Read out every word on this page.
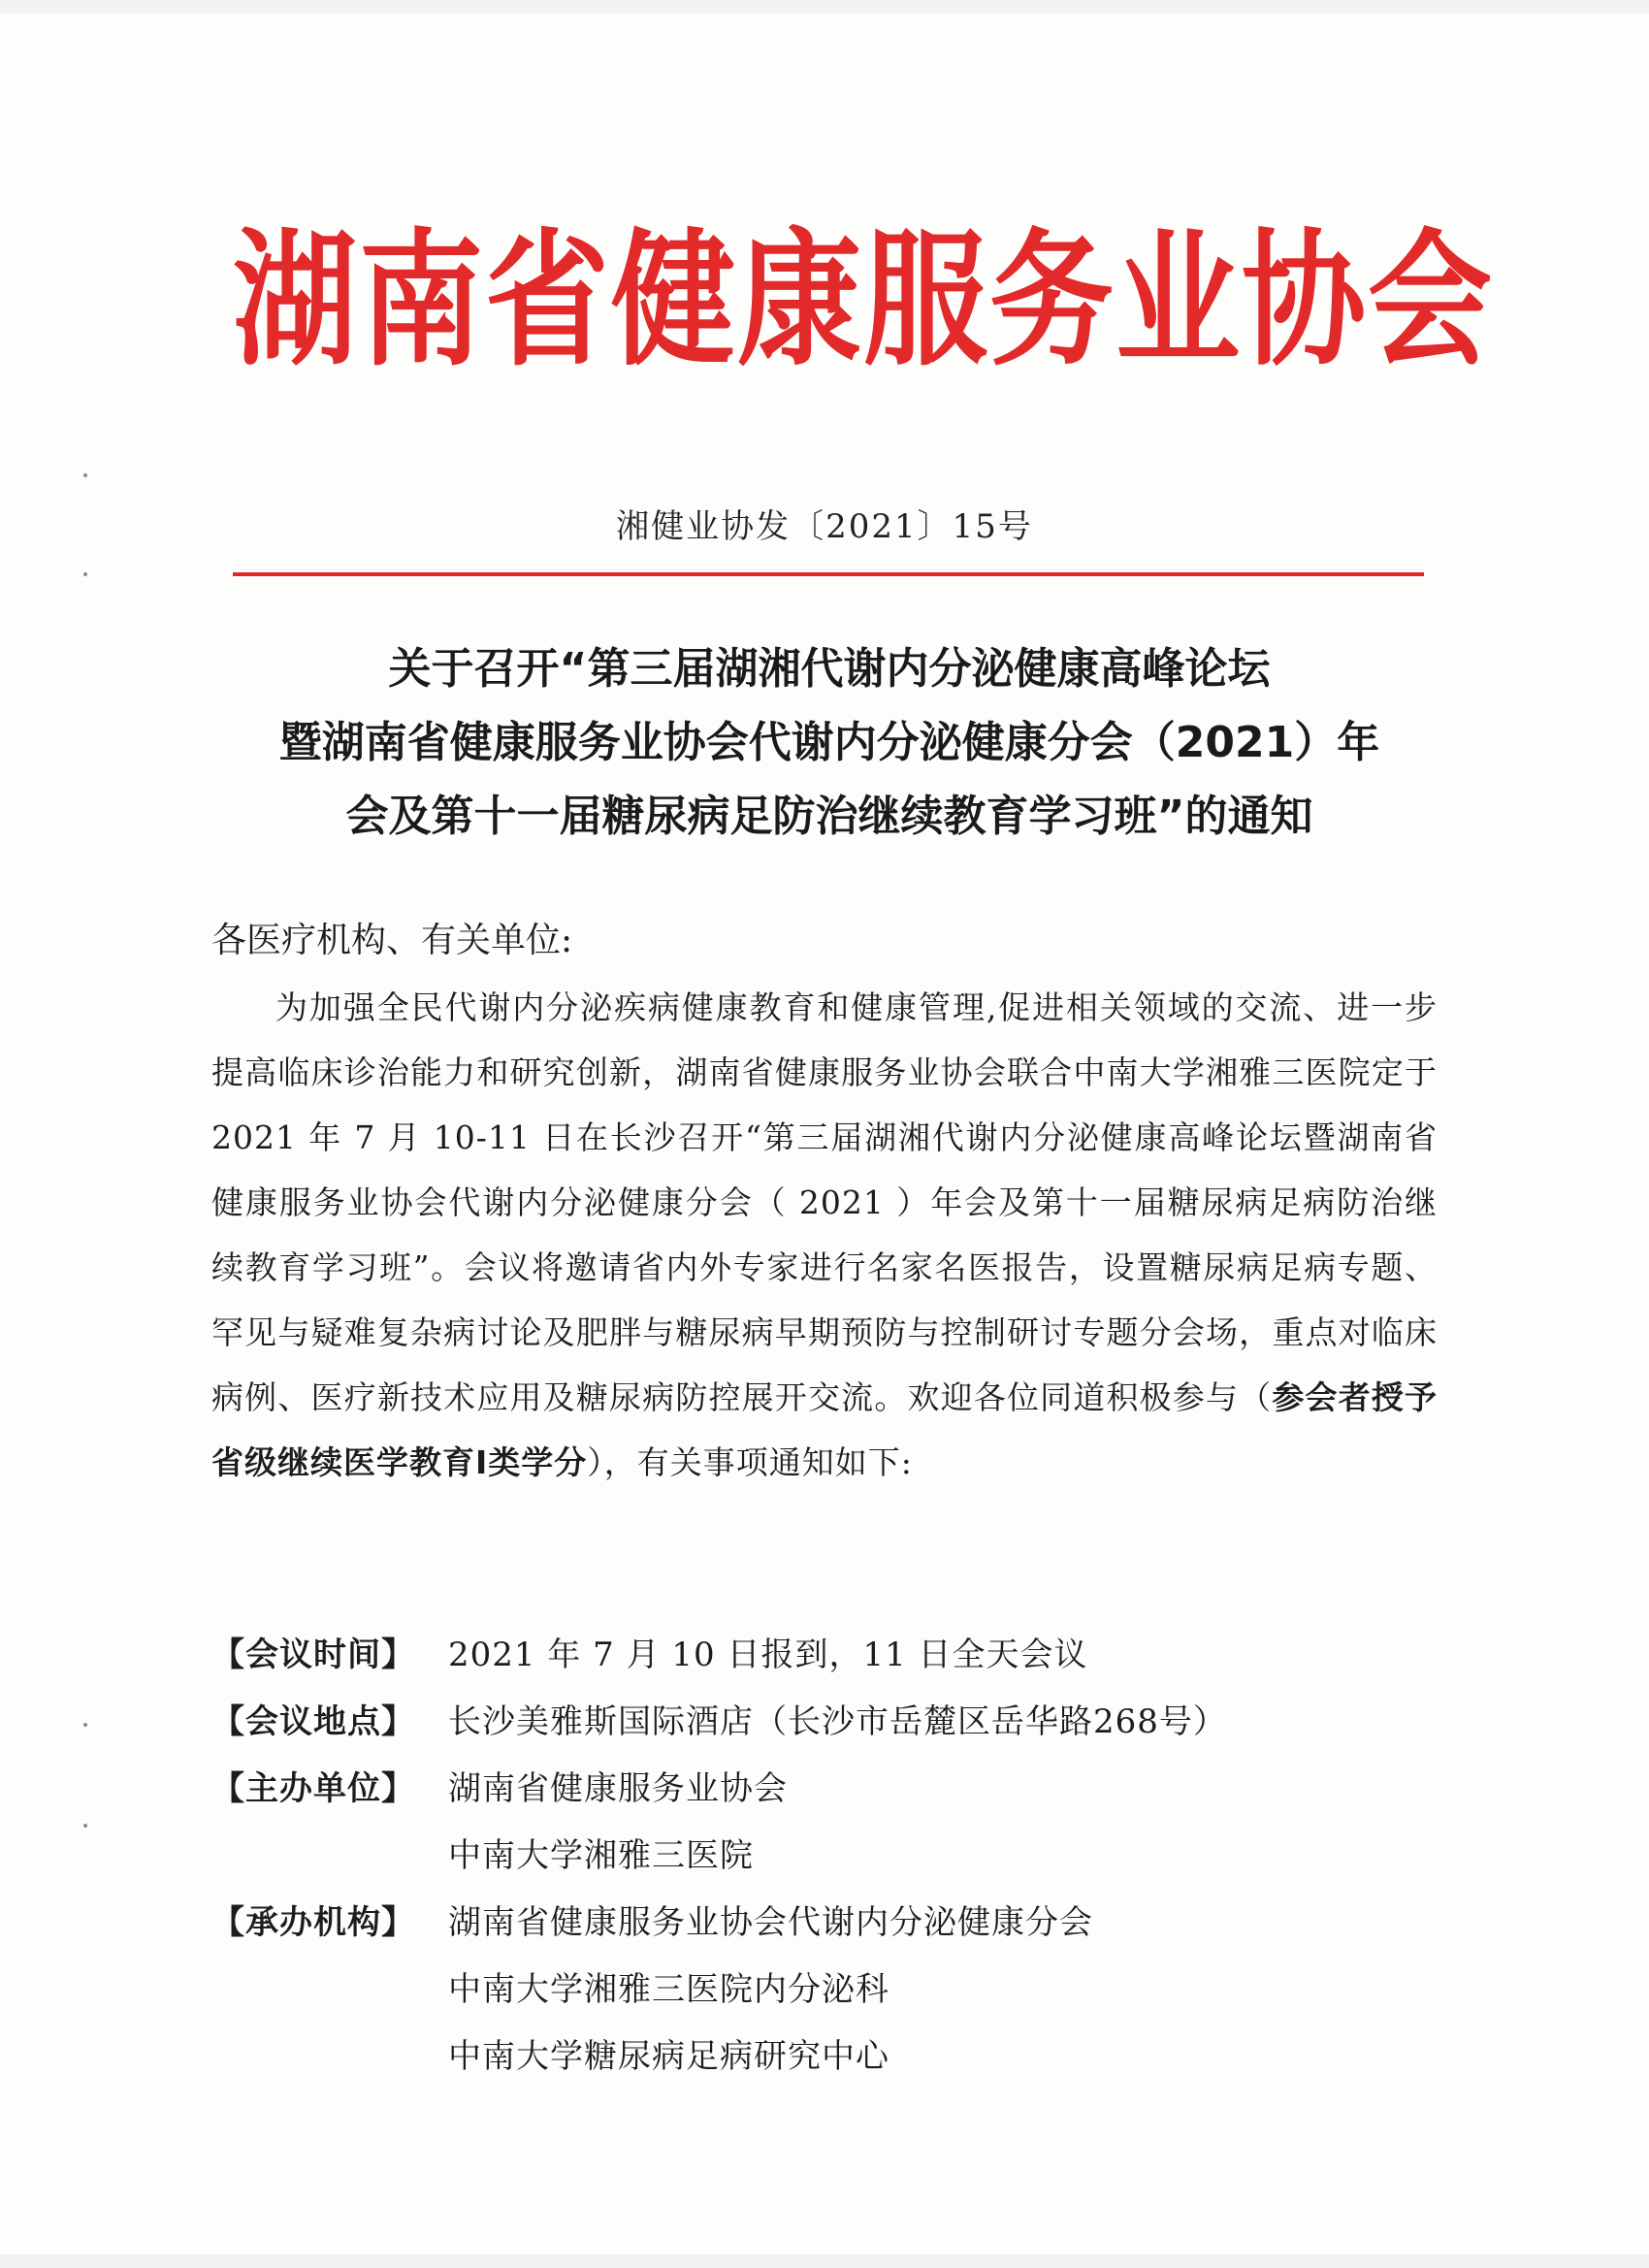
湖南省健康服务业协会
湘健业协发〔2021〕15号
关于召开“第三届湖湘代谢内分泌健康高峰论坛
暨湖南省健康服务业协会代谢内分泌健康分会（2021）年
会及第十一届糖尿病足防治继续教育学习班”的通知
各医疗机构、有关单位:
为加强全民代谢内分泌疾病健康教育和健康管理,促进相关领域的交流、进一步提高临床诊治能力和研究创新，湖南省健康服务业协会联合中南大学湘雅三医院定于 2021 年 7 月 10-11 日在长沙召开“第三届湖湘代谢内分泌健康高峰论坛暨湖南省健康服务业协会代谢内分泌健康分会（ 2021 ）年会及第十一届糖尿病足病防治继续教育学习班”。会议将邀请省内外专家进行名家名医报告，设置糖尿病足病专题、罕见与疑难复杂病讨论及肥胖与糖尿病早期预防与控制研讨专题分会场，重点对临床病例、医疗新技术应用及糖尿病防控展开交流。欢迎各位同道积极参与（参会者授予省级继续医学教育Ⅰ类学分），有关事项通知如下:
【会议时间】	2021 年 7 月 10 日报到，11 日全天会议
【会议地点】	长沙美雅斯国际酒店（长沙市岳麓区岳华路268号）
【主办单位】	湖南省健康服务业协会
中南大学湘雅三医院
【承办机构】	湖南省健康服务业协会代谢内分泌健康分会
中南大学湘雅三医院内分泌科
中南大学糖尿病足病研究中心
